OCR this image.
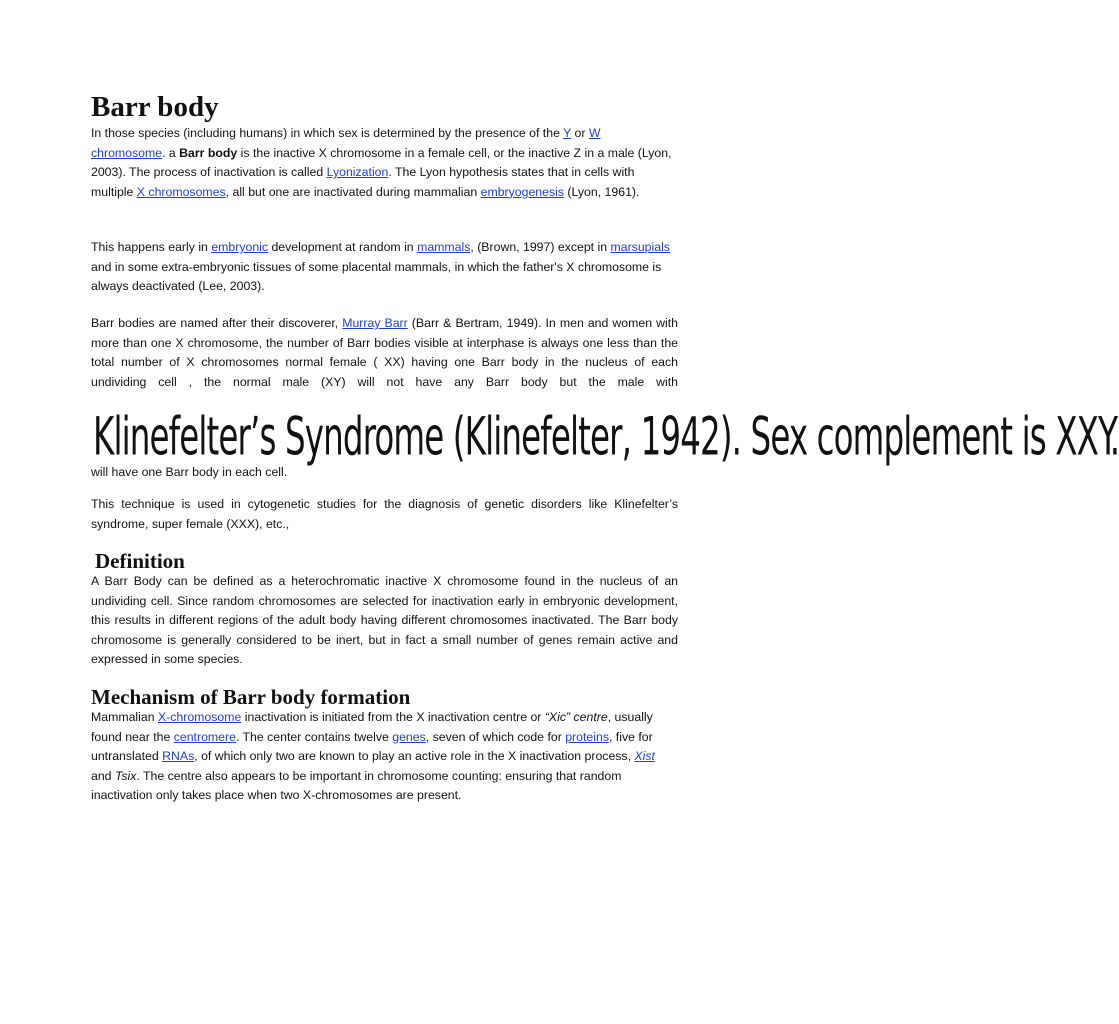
Barr body
In those species (including humans) in which sex is determined by the presence of the Y or W chromosome. a Barr body is the inactive X chromosome in a female cell, or the inactive Z in a male (Lyon, 2003). The process of inactivation is called Lyonization. The Lyon hypothesis states that in cells with multiple X chromosomes, all but one are inactivated during mammalian embryogenesis (Lyon, 1961).
This happens early in embryonic development at random in mammals, (Brown, 1997) except in marsupials and in some extra-embryonic tissues of some placental mammals, in which the father's X chromosome is always deactivated (Lee, 2003).
Barr bodies are named after their discoverer, Murray Barr (Barr & Bertram, 1949). In men and women with more than one X chromosome, the number of Barr bodies visible at interphase is always one less than the total number of X chromosomes normal female ( XX) having one Barr body in the nucleus of each undividing cell , the normal male (XY) will not have any Barr body but the male with
Klinefelter’s Syndrome (Klinefelter, 1942). Sex complement is XXY.
will have one Barr body in each cell.
This technique is used in cytogenetic studies for the diagnosis of genetic disorders like Klinefelter’s syndrome, super female (XXX), etc.,
Definition
A Barr Body can be defined as a heterochromatic inactive X chromosome found in the nucleus of an undividing cell. Since random chromosomes are selected for inactivation early in embryonic development, this results in different regions of the adult body having different chromosomes inactivated. The Barr body chromosome is generally considered to be inert, but in fact a small number of genes remain active and expressed in some species.
Mechanism of Barr body formation
Mammalian X-chromosome inactivation is initiated from the X inactivation centre or “Xic” centre, usually found near the centromere. The center contains twelve genes, seven of which code for proteins, five for untranslated RNAs, of which only two are known to play an active role in the X inactivation process, Xist and Tsix. The centre also appears to be important in chromosome counting: ensuring that random inactivation only takes place when two X-chromosomes are present.
